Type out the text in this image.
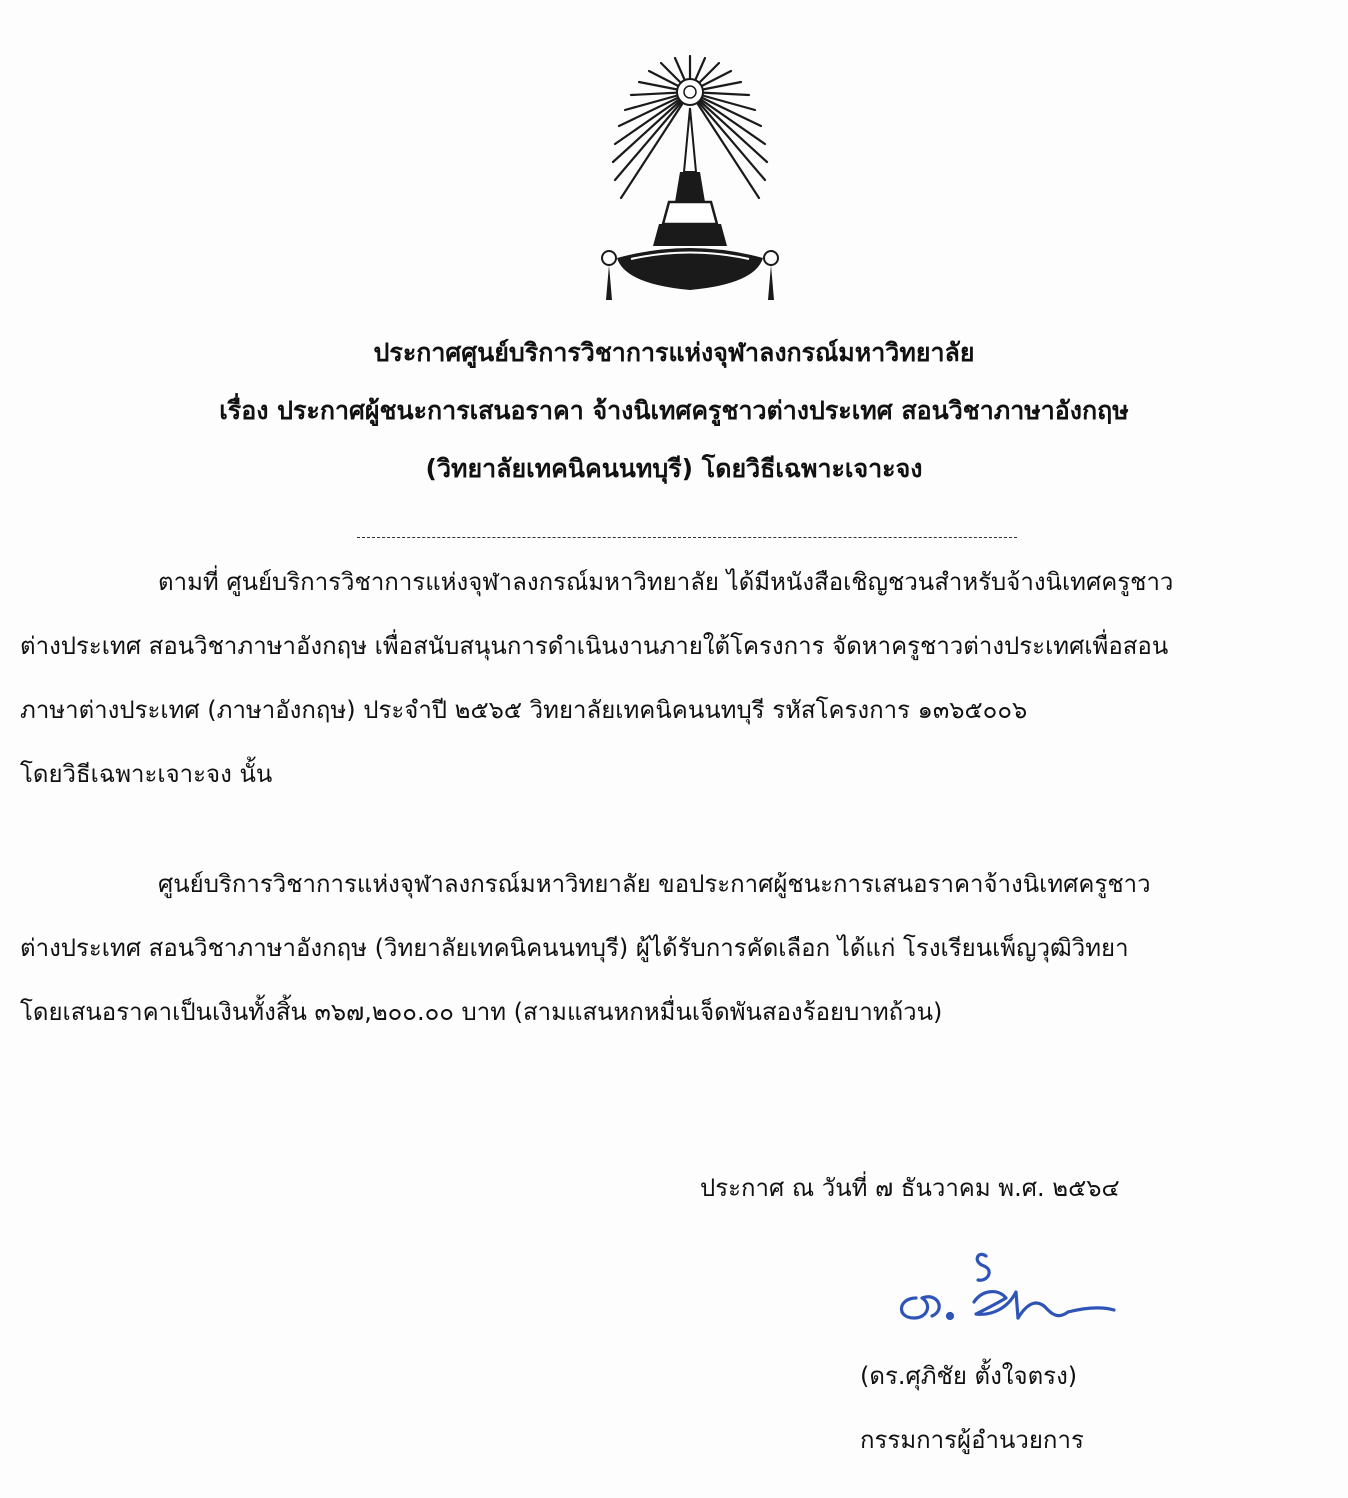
ประกาศศูนย์บริการวิชาการแห่งจุฬาลงกรณ์มหาวิทยาลัย
เรื่อง ประกาศผู้ชนะการเสนอราคา จ้างนิเทศครูชาวต่างประเทศ สอนวิชาภาษาอังกฤษ
(วิทยาลัยเทคนิคนนทบุรี) โดยวิธีเฉพาะเจาะจง
ตามที่ ศูนย์บริการวิชาการแห่งจุฬาลงกรณ์มหาวิทยาลัย ได้มีหนังสือเชิญชวนสำหรับจ้างนิเทศครูชาว
ต่างประเทศ สอนวิชาภาษาอังกฤษ เพื่อสนับสนุนการดำเนินงานภายใต้โครงการ จัดหาครูชาวต่างประเทศเพื่อสอน
ภาษาต่างประเทศ (ภาษาอังกฤษ) ประจำปี ๒๕๖๕ วิทยาลัยเทคนิคนนทบุรี รหัสโครงการ ๑๓๖๕๐๐๖
โดยวิธีเฉพาะเจาะจง นั้น
ศูนย์บริการวิชาการแห่งจุฬาลงกรณ์มหาวิทยาลัย ขอประกาศผู้ชนะการเสนอราคาจ้างนิเทศครูชาว
ต่างประเทศ สอนวิชาภาษาอังกฤษ (วิทยาลัยเทคนิคนนทบุรี) ผู้ได้รับการคัดเลือก ได้แก่ โรงเรียนเพ็ญวุฒิวิทยา
โดยเสนอราคาเป็นเงินทั้งสิ้น ๓๖๗,๒๐๐.๐๐ บาท (สามแสนหกหมื่นเจ็ดพันสองร้อยบาทถ้วน)
ประกาศ ณ วันที่ ๗ ธันวาคม พ.ศ. ๒๕๖๔
(ดร.ศุภิชัย ตั้งใจตรง)
กรรมการผู้อำนวยการ
